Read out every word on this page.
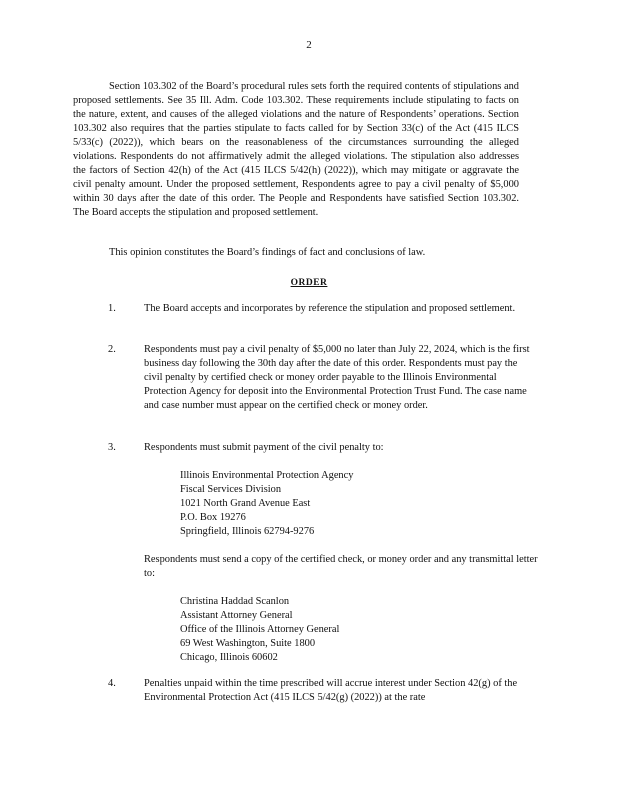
2

Section 103.302 of the Board’s procedural rules sets forth the required contents of stipulations and proposed settlements. See 35 Ill. Adm. Code 103.302. These requirements include stipulating to facts on the nature, extent, and causes of the alleged violations and the nature of Respondents’ operations. Section 103.302 also requires that the parties stipulate to facts called for by Section 33(c) of the Act (415 ILCS 5/33(c) (2022)), which bears on the reasonableness of the circumstances surrounding the alleged violations. Respondents do not affirmatively admit the alleged violations. The stipulation also addresses the factors of Section 42(h) of the Act (415 ILCS 5/42(h) (2022)), which may mitigate or aggravate the civil penalty amount. Under the proposed settlement, Respondents agree to pay a civil penalty of $5,000 within 30 days after the date of this order. The People and Respondents have satisfied Section 103.302. The Board accepts the stipulation and proposed settlement.

This opinion constitutes the Board’s findings of fact and conclusions of law.

ORDER
1.	The Board accepts and incorporates by reference the stipulation and proposed settlement.

2.	Respondents must pay a civil penalty of $5,000 no later than July 22, 2024, which is the first business day following the 30th day after the date of this order. Respondents must pay the civil penalty by certified check or money order payable to the Illinois Environmental Protection Agency for deposit into the Environmental Protection Trust Fund. The case name and case number must appear on the certified check or money order.

3.	Respondents must submit payment of the civil penalty to:

Illinois Environmental Protection Agency
Fiscal Services Division
1021 North Grand Avenue East
P.O. Box 19276
Springfield, Illinois 62794-9276

Respondents must send a copy of the certified check, or money order and any transmittal letter to:

Christina Haddad Scanlon
Assistant Attorney General
Office of the Illinois Attorney General
69 West Washington, Suite 1800
Chicago, Illinois 60602
4.	Penalties unpaid within the time prescribed will accrue interest under Section 42(g) of the Environmental Protection Act (415 ILCS 5/42(g) (2022)) at the rate
